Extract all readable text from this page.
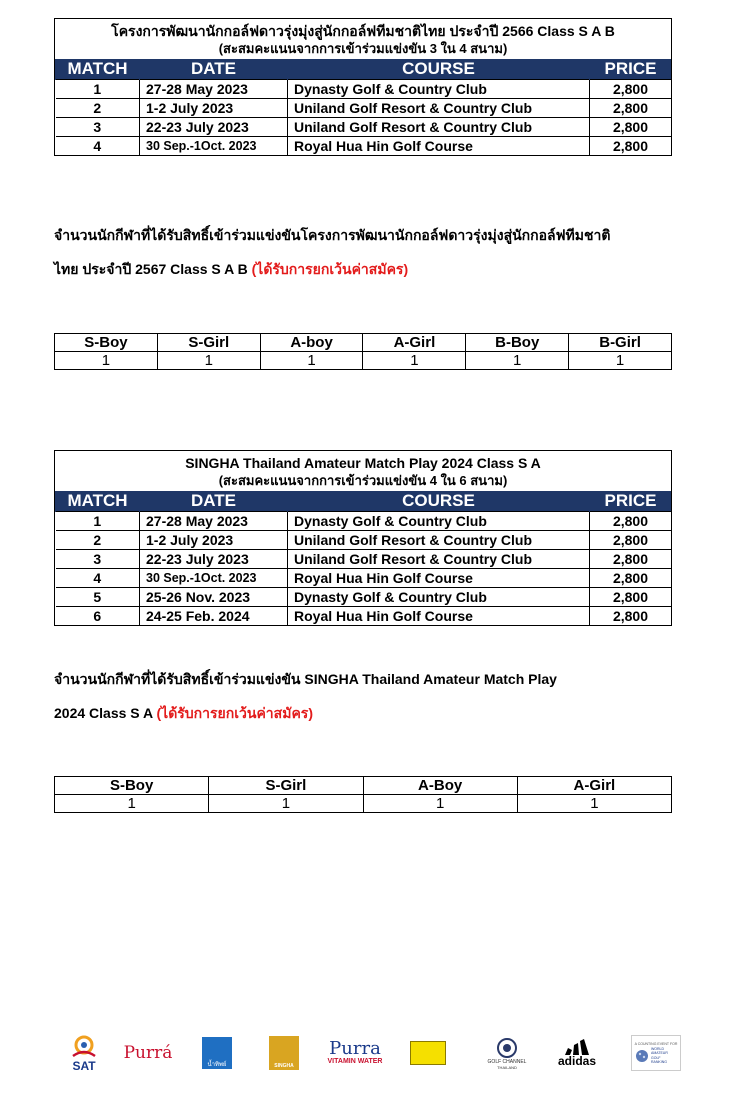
โครงการพัฒนานักกอล์ฟดาวรุ่งมุ่งสู่นักกอล์ฟทีมชาติไทย ประจำปี 2566 Class S A B
(สะสมคะแนนจากการเข้าร่วมแข่งขัน 3 ใน 4 สนาม)
MATCH	DATE	COURSE	PRICE
1	27-28 May 2023	Dynasty Golf & Country Club	2,800
2	1-2 July 2023	Uniland Golf Resort & Country Club	2,800
3	22-23 July 2023	Uniland Golf Resort & Country Club	2,800
4	30 Sep.-1Oct. 2023	Royal Hua Hin Golf Course	2,800
จำนวนนักกีฬาที่ได้รับสิทธิ์เข้าร่วมแข่งขันโครงการพัฒนานักกอล์ฟดาวรุ่งมุ่งสู่นักกอล์ฟทีมชาติ
ไทย ประจำปี 2567 Class S A B (ได้รับการยกเว้นค่าสมัคร)
S-Boy	S-Girl	A-boy	A-Girl	B-Boy	B-Girl
1	1	1	1	1	1
SINGHA Thailand Amateur Match Play 2024 Class S A
(สะสมคะแนนจากการเข้าร่วมแข่งขัน 4 ใน 6 สนาม)
MATCH	DATE	COURSE	PRICE
1	27-28 May 2023	Dynasty Golf & Country Club	2,800
2	1-2 July 2023	Uniland Golf Resort & Country Club	2,800
3	22-23 July 2023	Uniland Golf Resort & Country Club	2,800
4	30 Sep.-1Oct. 2023	Royal Hua Hin Golf Course	2,800
5	25-26 Nov. 2023	Dynasty Golf & Country Club	2,800
6	24-25 Feb. 2024	Royal Hua Hin Golf Course	2,800
จำนวนนักกีฬาที่ได้รับสิทธิ์เข้าร่วมแข่งขัน SINGHA Thailand Amateur Match Play
2024 Class S A (ได้รับการยกเว้นค่าสมัคร)
S-Boy	S-Girl	A-Boy	A-Girl
1	1	1	1
SAT
Purrá
น้ำทิพย์	SINGHA
Purra
VITAMIN WATER	GOLF CHANNEL
THAILAND	adidas
A COUNTING EVENT FOR
WORLD AMATEUR GOLF RANKING
